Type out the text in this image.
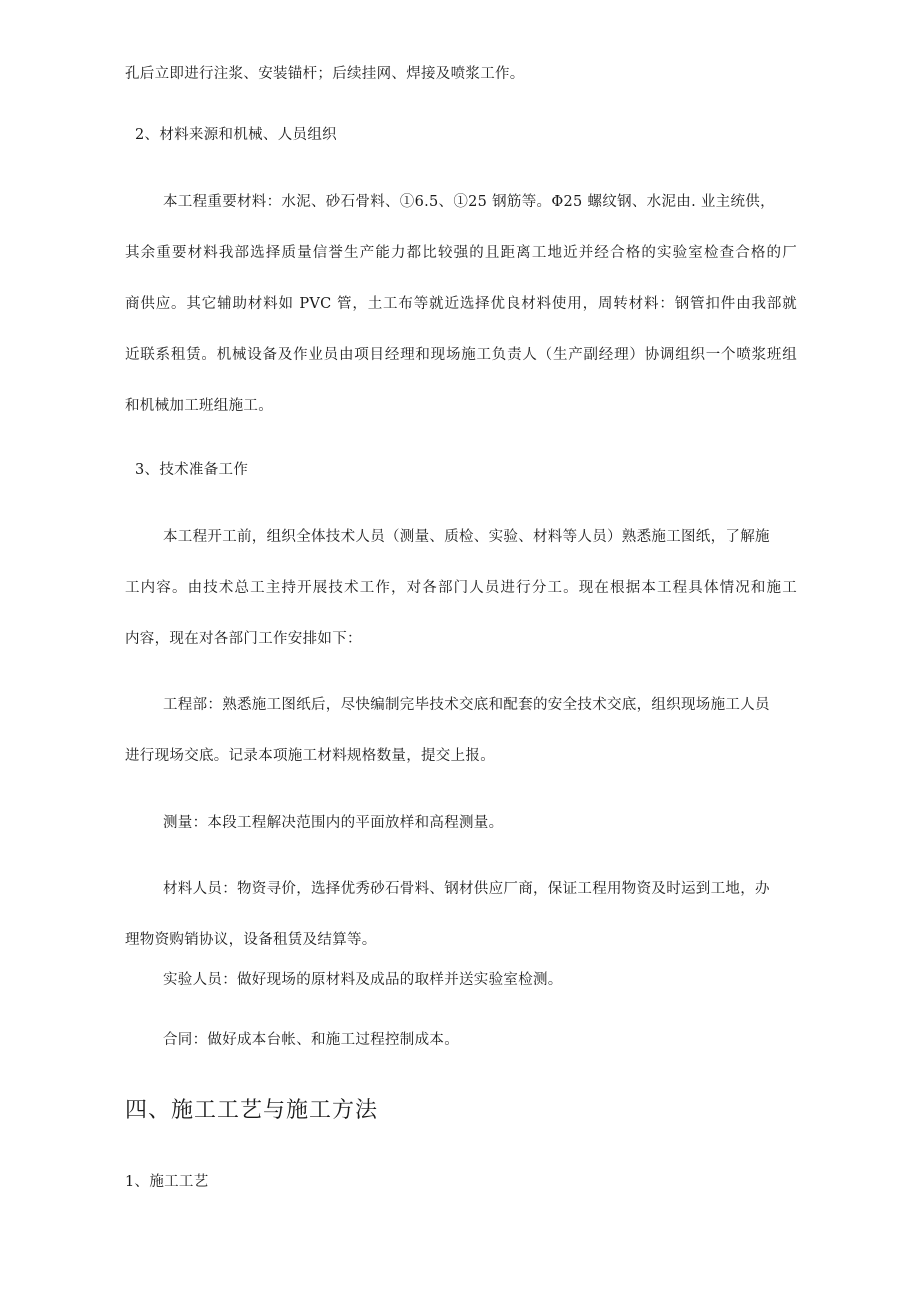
孔后立即进行注浆、安装锚杆；后续挂网、焊接及喷浆工作。
2、材料来源和机械、人员组织
本工程重要材料：水泥、砂石骨料、①6.5、①25 钢筋等。Φ25 螺纹钢、水泥由. 业主统供，
其余重要材料我部选择质量信誉生产能力都比较强的且距离工地近并经合格的实验室检查合格的厂
商供应。其它辅助材料如 PVC 管，土工布等就近选择优良材料使用，周转材料：钢管扣件由我部就
近联系租赁。机械设备及作业员由项目经理和现场施工负责人（生产副经理）协调组织一个喷浆班组
和机械加工班组施工。
3、技术准备工作
本工程开工前，组织全体技术人员（测量、质检、实验、材料等人员）熟悉施工图纸，了解施
工内容。由技术总工主持开展技术工作，对各部门人员进行分工。现在根据本工程具体情况和施工
内容，现在对各部门工作安排如下：
工程部：熟悉施工图纸后，尽快编制完毕技术交底和配套的安全技术交底，组织现场施工人员
进行现场交底。记录本项施工材料规格数量，提交上报。
测量：本段工程解决范围内的平面放样和高程测量。
材料人员：物资寻价，选择优秀砂石骨料、钢材供应厂商，保证工程用物资及时运到工地，办
理物资购销协议，设备租赁及结算等。
实验人员：做好现场的原材料及成品的取样并送实验室检测。
合同：做好成本台帐、和施工过程控制成本。
四、施工工艺与施工方法
1、施工工艺
